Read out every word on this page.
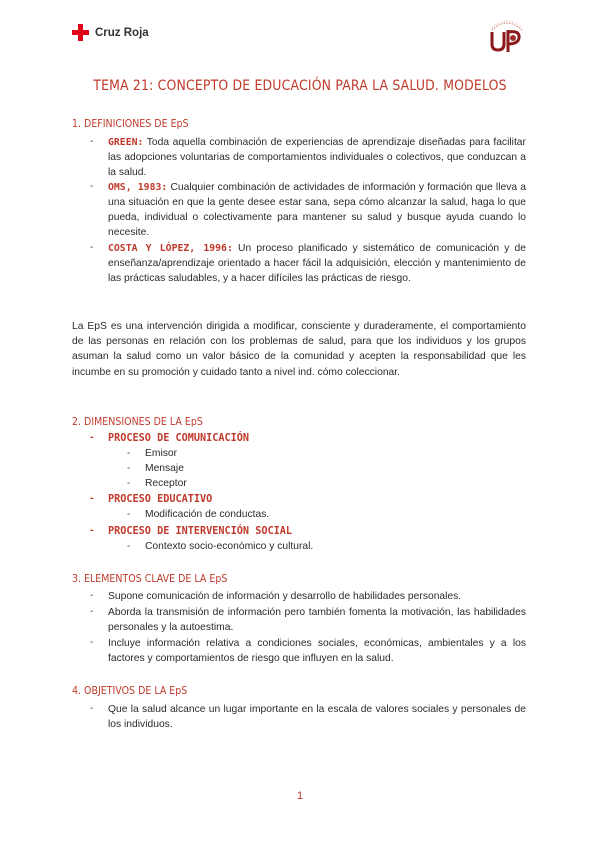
Cruz Roja
TEMA 21: CONCEPTO DE EDUCACIÓN PARA LA SALUD. MODELOS
1. DEFINICIONES DE EpS
- GREEN: Toda aquella combinación de experiencias de aprendizaje diseñadas para facilitar las adopciones voluntarias de comportamientos individuales o colectivos, que conduzcan a la salud.
- OMS, 1983: Cualquier combinación de actividades de información y formación que lleva a una situación en que la gente desee estar sana, sepa cómo alcanzar la salud, haga lo que pueda, individual o colectivamente para mantener su salud y busque ayuda cuando lo necesite.
- COSTA Y LÓPEZ, 1996: Un proceso planificado y sistemático de comunicación y de enseñanza/aprendizaje orientado a hacer fácil la adquisición, elección y mantenimiento de las prácticas saludables, y a hacer difíciles las prácticas de riesgo.
La EpS es una intervención dirigida a modificar, consciente y duraderamente, el comportamiento de las personas en relación con los problemas de salud, para que los individuos y los grupos asuman la salud como un valor básico de la comunidad y acepten la responsabilidad que les incumbe en su promoción y cuidado tanto a nivel ind. cómo coleccionar.
2. DIMENSIONES DE LA EpS
- PROCESO DE COMUNICACIÓN
- Emisor
- Mensaje
- Receptor
- PROCESO EDUCATIVO
- Modificación de conductas.
- PROCESO DE INTERVENCIÓN SOCIAL
- Contexto socio-económico y cultural.
3. ELEMENTOS CLAVE DE LA EpS
- Supone comunicación de información y desarrollo de habilidades personales.
- Aborda la transmisión de información pero también fomenta la motivación, las habilidades personales y la autoestima.
- Incluye información relativa a condiciones sociales, económicas, ambientales y a los factores y comportamientos de riesgo que influyen en la salud.
4. OBJETIVOS DE LA EpS
- Que la salud alcance un lugar importante en la escala de valores sociales y personales de los individuos.
1
